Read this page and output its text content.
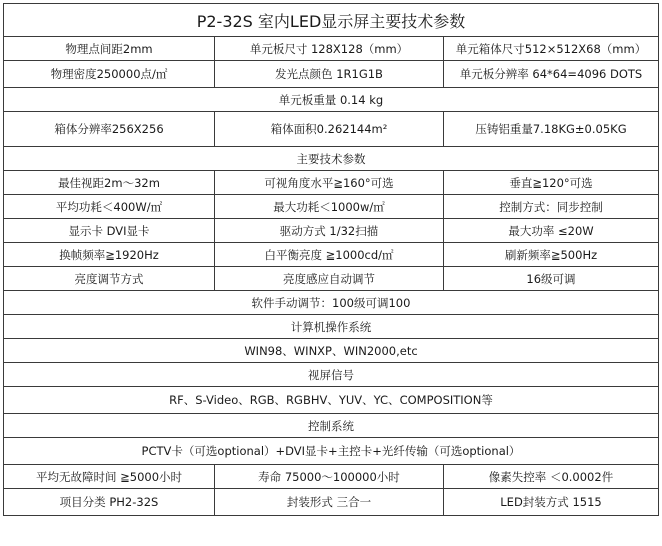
P2-32S 室内LED显示屏主要技术参数		
物理点间距2mm	单元板尺寸 128X128（mm）	单元箱体尺寸512×512X68（mm）
物理密度250000点/㎡	发光点颜色 1R1G1B	单元板分辨率 64*64=4096 DOTS
单元板重量 0.14 kg		
箱体分辨率256X256	箱体面积0.262144m²	压铸铝重量7.18KG±0.05KG
主要技术参数		
最佳视距2m～32m	可视角度水平≧160°可选	垂直≧120°可选
平均功耗＜400W/㎡	最大功耗＜1000w/㎡	控制方式：同步控制
显示卡 DVI显卡	驱动方式 1/32扫描	最大功率 ≤20W
换帧频率≧1920Hz	白平衡亮度 ≧1000cd/㎡	刷新频率≧500Hz
亮度调节方式	亮度感应自动调节	16级可调
软件手动调节：100级可调100		
计算机操作系统		
WIN98、WINXP、WIN2000,etc		
视屏信号		
RF、S-Video、RGB、RGBHV、YUV、YC、COMPOSITION等		
控制系统		
PCTV卡（可选optional）+DVI显卡+主控卡+光纤传输（可选optional）		
平均无故障时间 ≧5000小时	寿命 75000～100000小时	像素失控率 ＜0.0002件
项目分类 PH2-32S	封装形式 三合一	LED封装方式 1515
